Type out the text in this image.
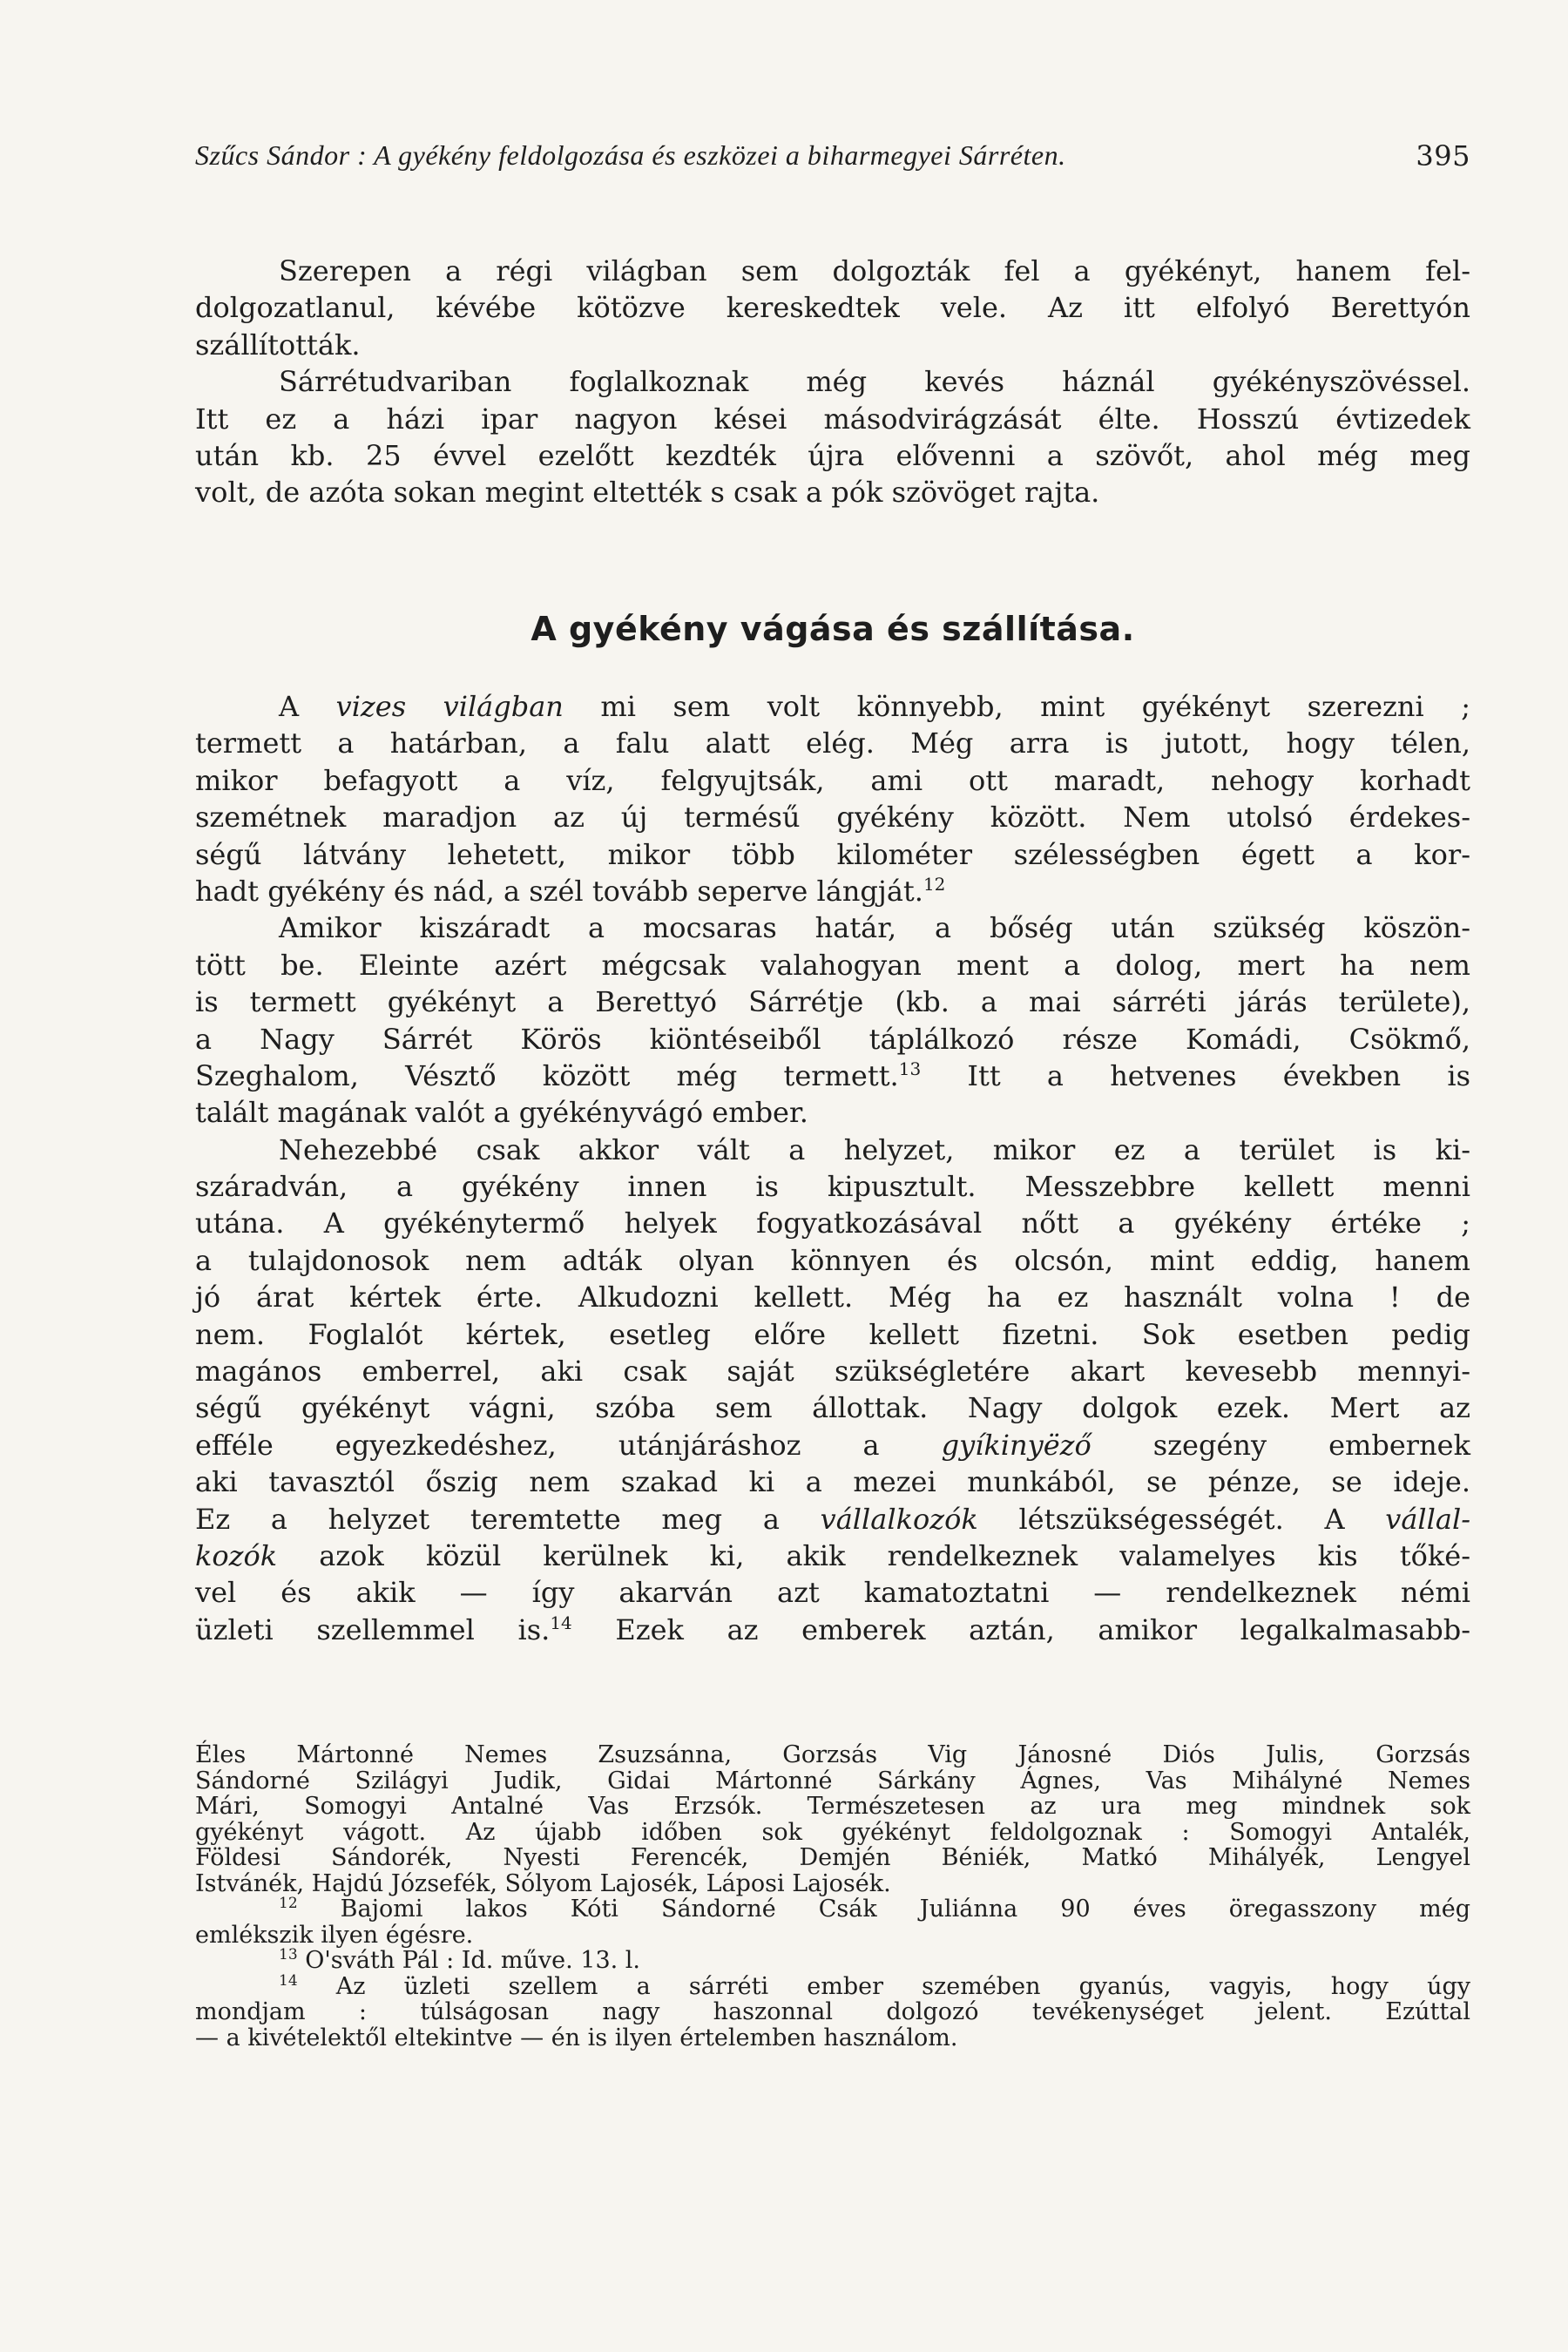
Szűcs Sándor : A gyékény feldolgozása és eszközei a biharmegyei Sárréten.	395

Szerepen a régi világban sem dolgozták fel a gyékényt, hanem fel-
dolgozatlanul, kévébe kötözve kereskedtek vele. Az itt elfolyó Berettyón
szállították.

Sárrétudvariban foglalkoznak még kevés háznál gyékényszövéssel.
Itt ez a házi ipar nagyon kései másodvirágzását élte. Hosszú évtizedek
után kb. 25 évvel ezelőtt kezdték újra elővenni a szövőt, ahol még meg
volt, de azóta sokan megint eltették s csak a pók szövöget rajta.

A gyékény vágása és szállítása.

A vizes világban mi sem volt könnyebb, mint gyékényt szerezni ;
termett a határban, a falu alatt elég. Még arra is jutott, hogy télen,
mikor befagyott a víz, felgyujtsák, ami ott maradt, nehogy korhadt
szemétnek maradjon az új termésű gyékény között. Nem utolsó érdekes-
ségű látvány lehetett, mikor több kilométer szélességben égett a kor-
hadt gyékény és nád, a szél tovább seperve lángját.$^{12}$

Amikor kiszáradt a mocsaras határ, a bőség után szükség köszön-
tött be. Eleinte azért mégcsak valahogyan ment a dolog, mert ha nem
is termett gyékényt a Berettyó Sárrétje (kb. a mai sárréti járás területe),
a Nagy Sárrét Körös kiöntéseiből táplálkozó része Komádi, Csökmő,
Szeghalom, Vésztő között még termett.$^{13}$ Itt a hetvenes években is
talált magának valót a gyékényvágó ember.

Nehezebbé csak akkor vált a helyzet, mikor ez a terület is ki-
száradván, a gyékény innen is kipusztult. Messzebbre kellett menni
utána. A gyékénytermő helyek fogyatkozásával nőtt a gyékény értéke ;
a tulajdonosok nem adták olyan könnyen és olcsón, mint eddig, hanem
jó árat kértek érte. Alkudozni kellett. Még ha ez használt volna ! de
nem. Foglalót kértek, esetleg előre kellett fizetni. Sok esetben pedig
magános emberrel, aki csak saját szükségletére akart kevesebb mennyi-
ségű gyékényt vágni, szóba sem állottak. Nagy dolgok ezek. Mert az
efféle egyezkedéshez, utánjáráshoz a gyíkinyëző szegény embernek
aki tavasztól őszig nem szakad ki a mezei munkából, se pénze, se ideje.
Ez a helyzet teremtette meg a vállalkozók létszükségességét. A vállal-
kozók azok közül kerülnek ki, akik rendelkeznek valamelyes kis tőké-
vel és akik — így akarván azt kamatoztatni — rendelkeznek némi
üzleti szellemmel is.$^{14}$ Ezek az emberek aztán, amikor legalkalmasabb-

Éles Mártonné Nemes Zsuzsánna, Gorzsás Vig Jánosné Diós Julis, Gorzsás
Sándorné Szilágyi Judik, Gidai Mártonné Sárkány Ágnes, Vas Mihályné Nemes
Mári, Somogyi Antalné Vas Erzsók. Természetesen az ura meg mindnek sok
gyékényt vágott. Az újabb időben sok gyékényt feldolgoznak : Somogyi Antalék,
Földesi Sándorék, Nyesti Ferencék, Demjén Béniék, Matkó Mihályék, Lengyel
Istvánék, Hajdú Józsefék, Sólyom Lajosék, Láposi Lajosék.

$^{12}$ Bajomi lakos Kóti Sándorné Csák Juliánna 90 éves öregasszony még
emlékszik ilyen égésre.

$^{13}$ O'sváth Pál : Id. műve. 13. l.

$^{14}$ Az üzleti szellem a sárréti ember szemében gyanús, vagyis, hogy úgy
mondjam : túlságosan nagy haszonnal dolgozó tevékenységet jelent. Ezúttal
— a kivételektől eltekintve — én is ilyen értelemben használom.
